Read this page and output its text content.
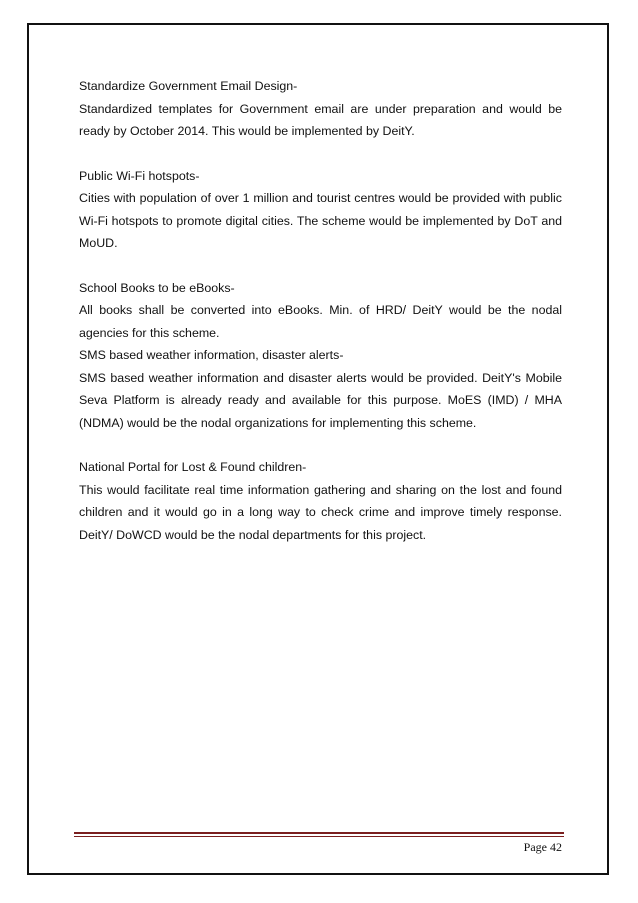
Standardize Government Email Design-

Standardized templates for Government email are under preparation and would be ready by October 2014. This would be implemented by DeitY.

Public Wi-Fi hotspots-

Cities with population of over 1 million and tourist centres would be provided with public Wi-Fi hotspots to promote digital cities. The scheme would be implemented by DoT and MoUD.

School Books to be eBooks-

All books shall be converted into eBooks. Min. of HRD/ DeitY would be the nodal agencies for this scheme.

SMS based weather information, disaster alerts-

SMS based weather information and disaster alerts would be provided. DeitY's Mobile Seva Platform is already ready and available for this purpose. MoES (IMD) / MHA (NDMA) would be the nodal organizations for implementing this scheme.

National Portal for Lost & Found children-

This would facilitate real time information gathering and sharing on the lost and found children and it would go in a long way to check crime and improve timely response. DeitY/ DoWCD would be the nodal departments for this project.

Page 42
